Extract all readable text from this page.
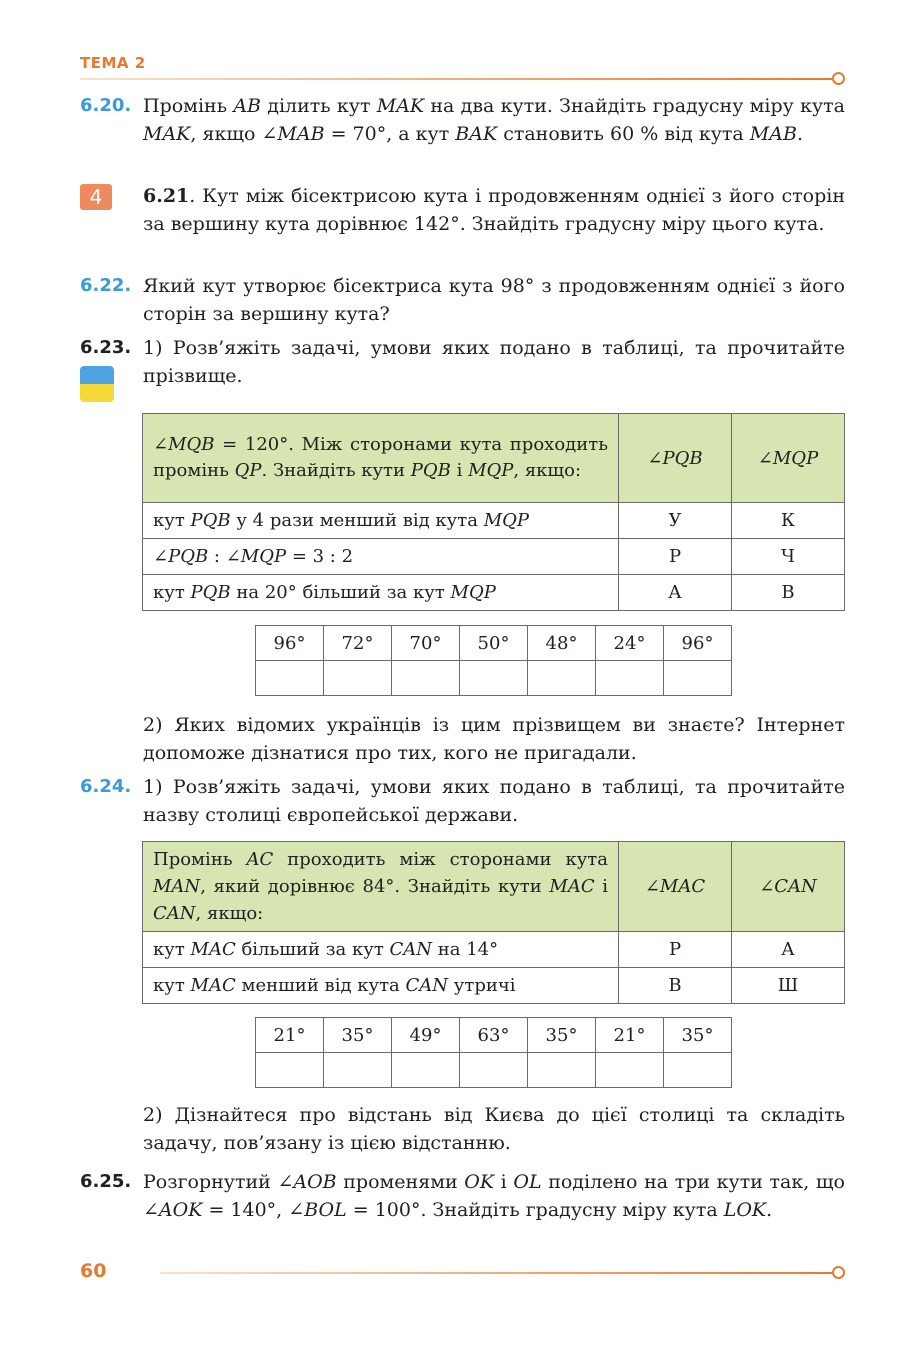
ТЕМА 2
6.20. Промінь AB ділить кут MAK на два кути. Знайдіть градусну міру кута MAK, якщо ∠MAB = 70°, а кут BAK становить 60 % від кута MAB.
4	6.21. Кут між бісектрисою кута і продовженням однієї з його сторін за вершину кута дорівнює 142°. Знайдіть градусну міру цього кута.
6.22. Який кут утворює бісектриса кута 98° з продовженням однієї з його сторін за вершину кута?
6.23. 1) Розв’яжіть задачі, умови яких подано в таблиці, та прочитайте прізвище.
∠MQB = 120°. Між сторонами кута проходить промінь QP. Знайдіть кути PQB і MQP, якщо:	∠PQB	∠MQP
кут PQB у 4 рази менший від кута MQP	У	К
∠PQB : ∠MQP = 3 : 2	Р	Ч
кут PQB на 20° більший за кут MQP	А	В
96°	72°	70°	50°	48°	24°	96°

2) Яких відомих українців із цим прізвищем ви знаєте? Інтернет допоможе дізнатися про тих, кого не пригадали.
6.24. 1) Розв’яжіть задачі, умови яких подано в таблиці, та прочитайте назву столиці європейської держави.
Промінь AC проходить між сторонами кута MAN, який дорівнює 84°. Знайдіть кути MAC і CAN, якщо:	∠MAC	∠CAN
кут MAC більший за кут CAN на 14°	Р	А
кут MAC менший від кута CAN утричі	В	Ш
21°	35°	49°	63°	35°	21°	35°

2) Дізнайтеся про відстань від Києва до цієї столиці та складіть задачу, пов’язану із цією відстанню.
6.25. Розгорнутий ∠AOB променями OK і OL поділено на три кути так, що ∠AOK = 140°, ∠BOL = 100°. Знайдіть градусну міру кута LOK.
60
